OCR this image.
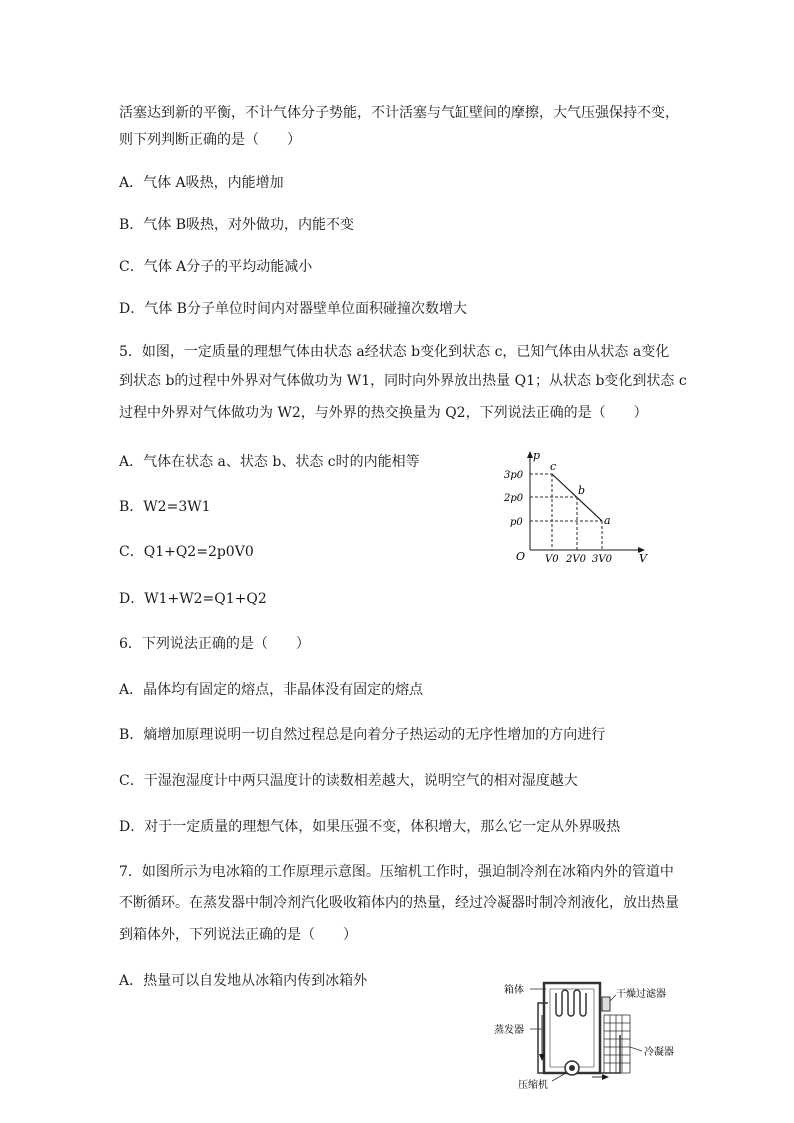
活塞达到新的平衡，不计气体分子势能，不计活塞与气缸壁间的摩擦，大气压强保持不变，
则下列判断正确的是（　　）
A．气体 A吸热，内能增加
B．气体 B吸热，对外做功，内能不变
C．气体 A分子的平均动能减小
D．气体 B分子单位时间内对器壁单位面积碰撞次数增大
5．如图，一定质量的理想气体由状态 a经状态 b变化到状态 c，已知气体由从状态 a变化
到状态 b的过程中外界对气体做功为 W1，同时向外界放出热量 Q1；从状态 b变化到状态 c
过程中外界对气体做功为 W2，与外界的热交换量为 Q2，下列说法正确的是（　　）
A．气体在状态 a、状态 b、状态 c时的内能相等
B．W2=3W1
C．Q1+Q2=2p0V0
D．W1+W2=Q1+Q2
p
V
O
3p0
2p0
p0
V0 2V0 3V0
c
b
a
6．下列说法正确的是（　　）
A．晶体均有固定的熔点，非晶体没有固定的熔点
B．熵增加原理说明一切自然过程总是向着分子热运动的无序性增加的方向进行
C．干湿泡湿度计中两只温度计的读数相差越大，说明空气的相对湿度越大
D．对于一定质量的理想气体，如果压强不变，体积增大，那么它一定从外界吸热
7．如图所示为电冰箱的工作原理示意图。压缩机工作时，强迫制冷剂在冰箱内外的管道中
不断循环。在蒸发器中制冷剂汽化吸收箱体内的热量，经过冷凝器时制冷剂液化，放出热量
到箱体外，下列说法正确的是（　　）
A．热量可以自发地从冰箱内传到冰箱外
箱体	干燥过滤器
蒸发器
冷凝器
压缩机
